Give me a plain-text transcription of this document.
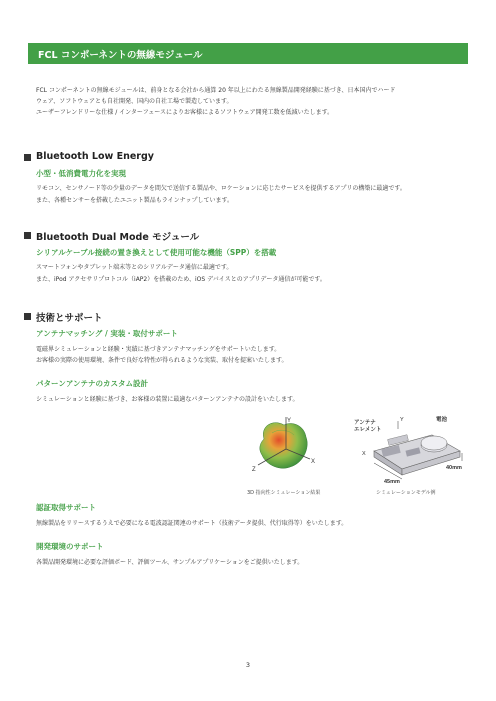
FCL コンポーネントの無線モジュール
FCL コンポーネントの無線モジュールは、前身となる会社から通算 20 年以上にわたる無線製品開発経験に基づき、日本国内でハード
ウェア、ソフトウェアとも自社開発、国内の自社工場で製造しています。
ユーザーフレンドリーな仕様 / インターフェースによりお客様によるソフトウェア開発工数を低減いたします。
Bluetooth Low Energy
小型・低消費電力化を実現
リモコン、センサノード等の少量のデータを間欠で送信する製品や、ロケーションに応じたサービスを提供するアプリの構築に最適です。
また、各種センサーを搭載したユニット製品もラインナップしています。
Bluetooth Dual Mode モジュール
シリアルケーブル接続の置き換えとして使用可能な機能（SPP）を搭載
スマートフォンやタブレット端末等とのシリアルデータ通信に最適です。
また、iPod アクセサリプロトコル（iAP2）を搭載のため、iOS デバイスとのアプリデータ通信が可能です。
技術とサポート
アンテナマッチング / 実装・取付サポート
電磁界シミュレーションと経験・実績に基づきアンテナマッチングをサポートいたします。
お客様の実際の使用環境、条件で良好な特性が得られるような実装、取付を提案いたします。
パターンアンテナのカスタム設計
シミュレーションと経験に基づき、お客様の装置に最適なパターンアンテナの設計をいたします。
Y
X
Z
3D 指向性シミュレーション結果
アンテナ
エレメント
Y	電池
X
45mm
40mm
シミュレーションモデル例
認証取得サポート
無線製品をリリースするうえで必要になる電波認証関連のサポート（技術データ提供、代行取得等）をいたします。
開発環境のサポート
各製品開発環境に必要な評価ボード、評価ツール、サンプルアプリケーションをご提供いたします。
3
